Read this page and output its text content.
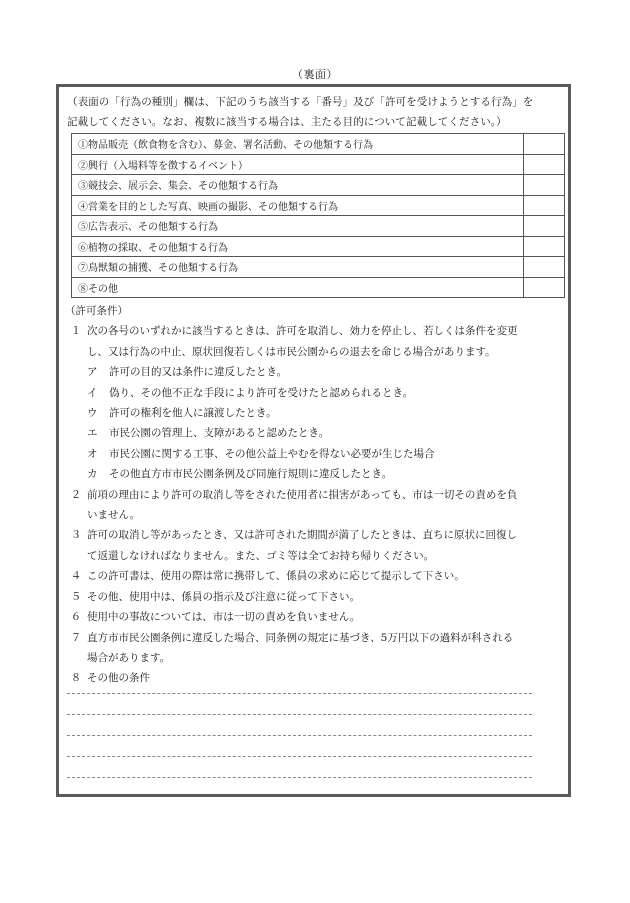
（裏面）
（表面の「行為の種別」欄は、下記のうち該当する「番号」及び「許可を受けようとする行為」を
記載してください。なお、複数に該当する場合は、主たる目的について記載してください。）
①物品販売（飲食物を含む）、募金、署名活動、その他類する行為	
②興行（入場料等を徴するイベント）	
③競技会、展示会、集会、その他類する行為	
④営業を目的とした写真、映画の撮影、その他類する行為	
⑤広告表示、その他類する行為	
⑥植物の採取、その他類する行為	
⑦鳥獣類の捕獲、その他類する行為	
⑧その他	
（許可条件）
１ 次の各号のいずれかに該当するときは、許可を取消し、効力を停止し、若しくは条件を変更
し、又は行為の中止、原状回復若しくは市民公園からの退去を命じる場合があります。
ア 許可の目的又は条件に違反したとき。
イ 偽り、その他不正な手段により許可を受けたと認められるとき。
ウ 許可の権利を他人に譲渡したとき。
エ 市民公園の管理上、支障があると認めたとき。
オ 市民公園に関する工事、その他公益上やむを得ない必要が生じた場合
カ その他直方市市民公園条例及び同施行規則に違反したとき。
２ 前項の理由により許可の取消し等をされた使用者に損害があっても、市は一切その責めを負
いません。
３ 許可の取消し等があったとき、又は許可された期間が満了したときは、直ちに原状に回復し
て返還しなければなりません。また、ゴミ等は全てお持ち帰りください。
４ この許可書は、使用の際は常に携帯して、係員の求めに応じて提示して下さい。
５ その他、使用中は、係員の指示及び注意に従って下さい。
６ 使用中の事故については、市は一切の責めを負いません。
７ 直方市市民公園条例に違反した場合、同条例の規定に基づき、5万円以下の過料が科される
場合があります。
８ その他の条件
